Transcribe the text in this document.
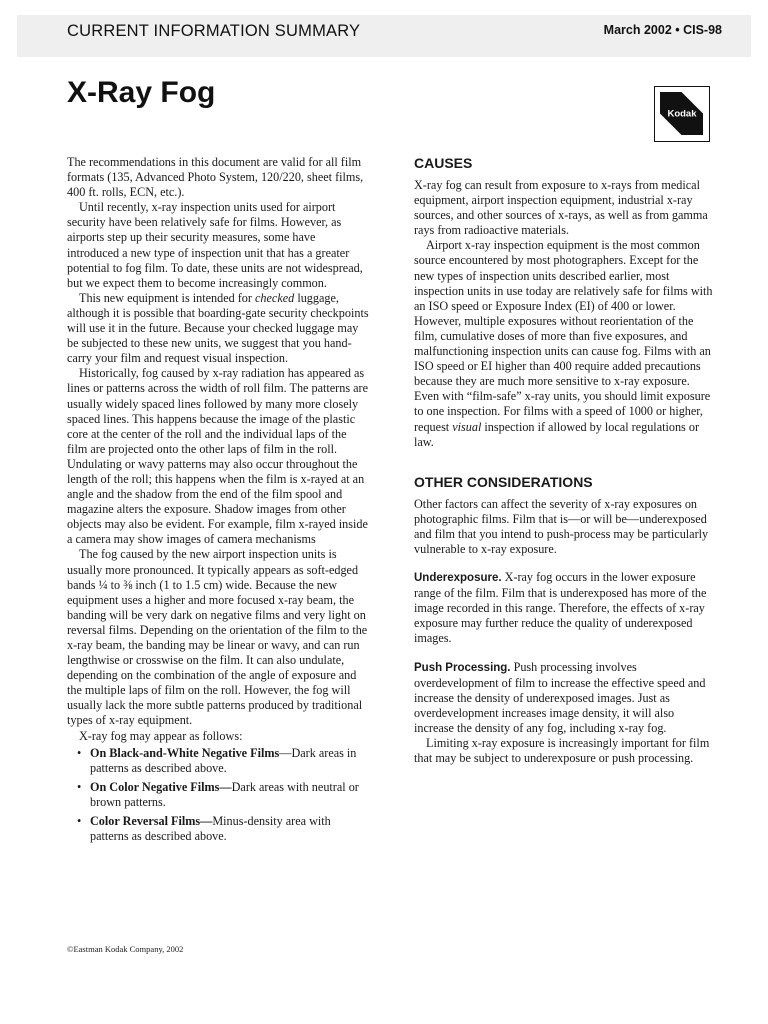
CURRENT INFORMATION SUMMARY	March 2002 • CIS-98
X-Ray Fog
Kodak

The recommendations in this document are valid for all film formats (135, Advanced Photo System, 120/220, sheet films, 400 ft. rolls, ECN, etc.).

Until recently, x-ray inspection units used for airport security have been relatively safe for films. However, as airports step up their security measures, some have introduced a new type of inspection unit that has a greater potential to fog film. To date, these units are not widespread, but we expect them to become increasingly common.

This new equipment is intended for checked luggage, although it is possible that boarding-gate security checkpoints will use it in the future. Because your checked luggage may be subjected to these new units, we suggest that you hand-carry your film and request visual inspection.

Historically, fog caused by x-ray radiation has appeared as lines or patterns across the width of roll film. The patterns are usually widely spaced lines followed by many more closely spaced lines. This happens because the image of the plastic core at the center of the roll and the individual laps of the film are projected onto the other laps of film in the roll. Undulating or wavy patterns may also occur throughout the length of the roll; this happens when the film is x-rayed at an angle and the shadow from the end of the film spool and magazine alters the exposure. Shadow images from other objects may also be evident. For example, film x-rayed inside a camera may show images of camera mechanisms

The fog caused by the new airport inspection units is usually more pronounced. It typically appears as soft-edged bands ¼ to ⅜ inch (1 to 1.5 cm) wide. Because the new equipment uses a higher and more focused x-ray beam, the banding will be very dark on negative films and very light on reversal films. Depending on the orientation of the film to the x-ray beam, the banding may be linear or wavy, and can run lengthwise or crosswise on the film. It can also undulate, depending on the combination of the angle of exposure and the multiple laps of film on the roll. However, the fog will usually lack the more subtle patterns produced by traditional types of x-ray equipment.

X-ray fog may appear as follows:

• On Black-and-White Negative Films—Dark areas in patterns as described above.
• On Color Negative Films—Dark areas with neutral or brown patterns.
• Color Reversal Films—Minus-density area with patterns as described above.
CAUSES

X-ray fog can result from exposure to x-rays from medical equipment, airport inspection equipment, industrial x-ray sources, and other sources of x-rays, as well as from gamma rays from radioactive materials.

Airport x-ray inspection equipment is the most common source encountered by most photographers. Except for the new types of inspection units described earlier, most inspection units in use today are relatively safe for films with an ISO speed or Exposure Index (EI) of 400 or lower. However, multiple exposures without reorientation of the film, cumulative doses of more than five exposures, and malfunctioning inspection units can cause fog. Films with an ISO speed or EI higher than 400 require added precautions because they are much more sensitive to x-ray exposure. Even with “film-safe” x-ray units, you should limit exposure to one inspection. For films with a speed of 1000 or higher, request visual inspection if allowed by local regulations or law.

OTHER CONSIDERATIONS

Other factors can affect the severity of x-ray exposures on photographic films. Film that is—or will be—underexposed and film that you intend to push-process may be particularly vulnerable to x-ray exposure.

Underexposure. X-ray fog occurs in the lower exposure range of the film. Film that is underexposed has more of the image recorded in this range. Therefore, the effects of x-ray exposure may further reduce the quality of underexposed images.

Push Processing. Push processing involves overdevelopment of film to increase the effective speed and increase the density of underexposed images. Just as overdevelopment increases image density, it will also increase the density of any fog, including x-ray fog.

Limiting x-ray exposure is increasingly important for film that may be subject to underexposure or push processing.

©Eastman Kodak Company, 2002
